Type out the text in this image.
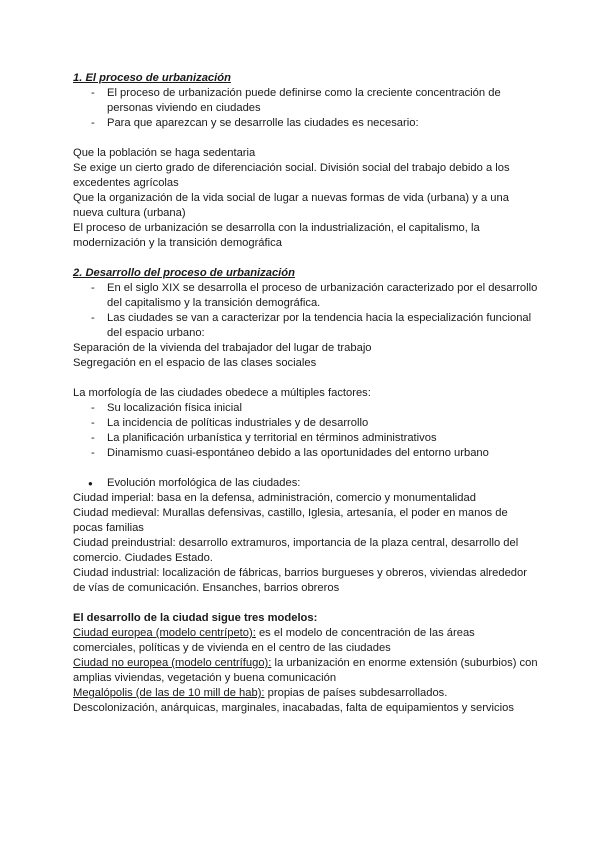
1. El proceso de urbanización

- El proceso de urbanización puede definirse como la creciente concentración de personas viviendo en ciudades
- Para que aparezcan y se desarrolle las ciudades es necesario:

Que la población se haga sedentaria

Se exige un cierto grado de diferenciación social. División social del trabajo debido a los excedentes agrícolas

Que la organización de la vida social de lugar a nuevas formas de vida (urbana) y a una nueva cultura (urbana)

El proceso de urbanización se desarrolla con la industrialización, el capitalismo, la modernización y la transición demográfica

2. Desarrollo del proceso de urbanización

- En el siglo XIX se desarrolla el proceso de urbanización caracterizado por el desarrollo del capitalismo y la transición demográfica.
- Las ciudades se van a caracterizar por la tendencia hacia la especialización funcional del espacio urbano:

Separación de la vivienda del trabajador del lugar de trabajo

Segregación en el espacio de las clases sociales

La morfología de las ciudades obedece a múltiples factores:

- Su localización física inicial
- La incidencia de políticas industriales y de desarrollo
- La planificación urbanística y territorial en términos administrativos
- Dinamismo cuasi-espontáneo debido a las oportunidades del entorno urbano
● Evolución morfológica de las ciudades:

Ciudad imperial: basa en la defensa, administración, comercio y monumentalidad

Ciudad medieval: Murallas defensivas, castillo, Iglesia, artesanía, el poder en manos de pocas familias

Ciudad preindustrial: desarrollo extramuros, importancia de la plaza central, desarrollo del comercio. Ciudades Estado.

Ciudad industrial: localización de fábricas, barrios burgueses y obreros, viviendas alrededor de vías de comunicación. Ensanches, barrios obreros

El desarrollo de la ciudad sigue tres modelos:

Ciudad europea (modelo centrípeto): es el modelo de concentración de las áreas comerciales, políticas y de vivienda en el centro de las ciudades

Ciudad no europea (modelo centrífugo): la urbanización en enorme extensión (suburbios) con amplias viviendas, vegetación y buena comunicación

Megalópolis (de las de 10 mill de hab): propias de países subdesarrollados.

Descolonización, anárquicas, marginales, inacabadas, falta de equipamientos y servicios
